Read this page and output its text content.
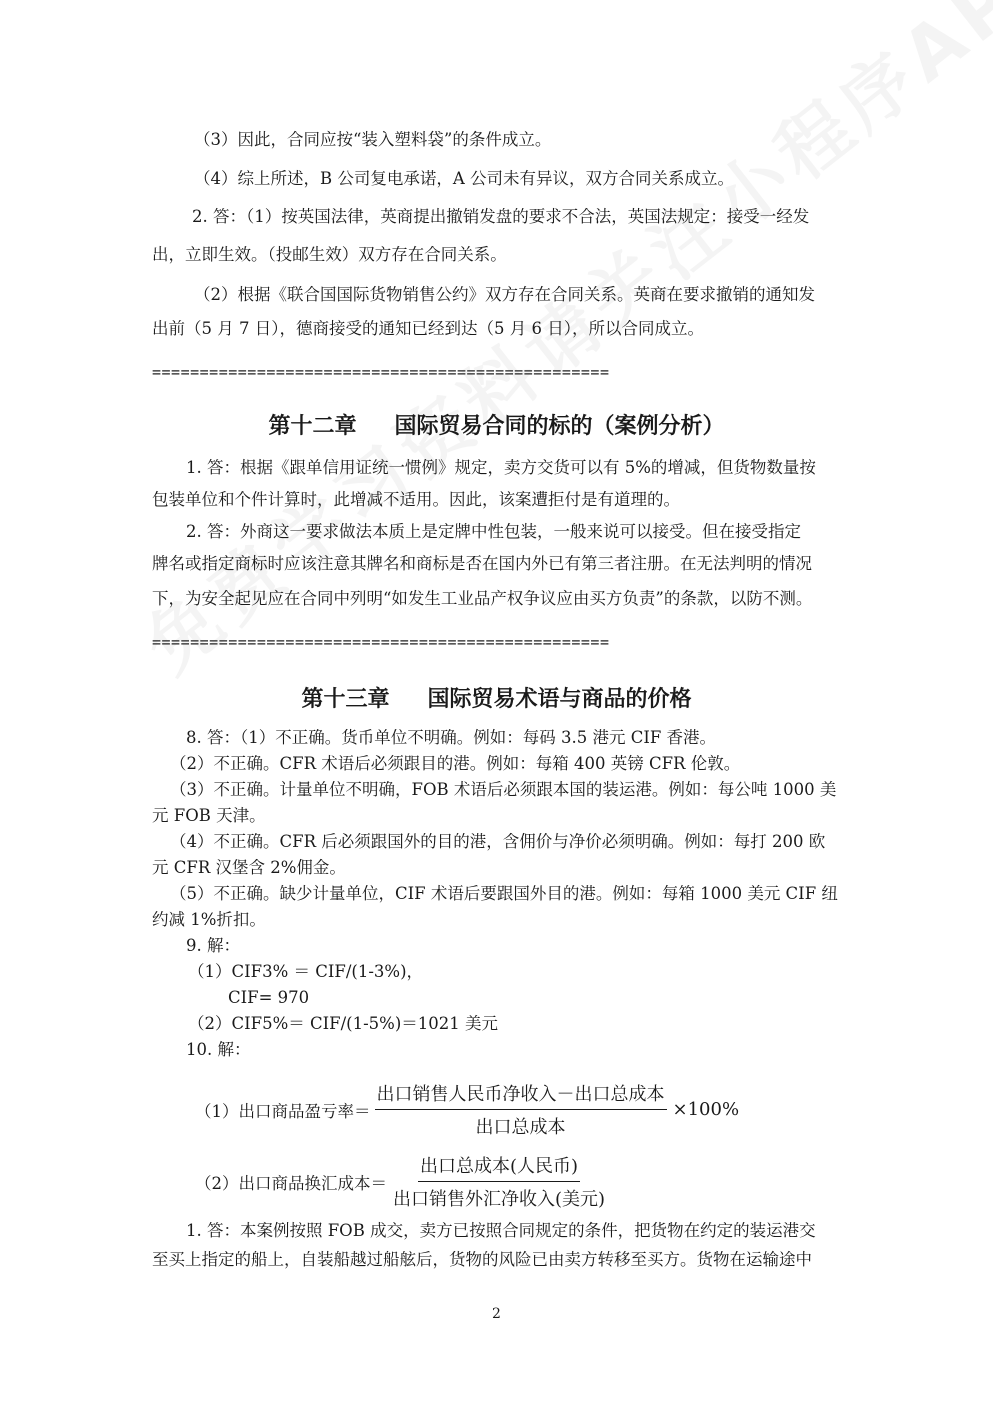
（3）因此，合同应按“装入塑料袋”的条件成立。
（4）综上所述，B 公司复电承诺，A 公司未有异议，双方合同关系成立。
2. 答：（1）按英国法律，英商提出撤销发盘的要求不合法，英国法规定：接受一经发
出，立即生效。（投邮生效）双方存在合同关系。
（2）根据《联合国国际货物销售公约》双方存在合同关系。英商在要求撤销的通知发
出前（5 月 7 日），德商接受的通知已经到达（5 月 6 日），所以合同成立。
================================================
第十二章 国际贸易合同的标的（案例分析）
1. 答：根据《跟单信用证统一惯例》规定，卖方交货可以有 5%的增减，但货物数量按
包装单位和个件计算时，此增减不适用。因此，该案遭拒付是有道理的。
2. 答：外商这一要求做法本质上是定牌中性包装，一般来说可以接受。但在接受指定
牌名或指定商标时应该注意其牌名和商标是否在国内外已有第三者注册。在无法判明的情况
下，为安全起见应在合同中列明“如发生工业品产权争议应由买方负责”的条款，以防不测。
================================================
第十三章 国际贸易术语与商品的价格
8. 答：（1）不正确。货币单位不明确。例如：每码 3.5 港元 CIF 香港。
（2）不正确。CFR 术语后必须跟目的港。例如：每箱 400 英镑 CFR 伦敦。
（3）不正确。计量单位不明确，FOB 术语后必须跟本国的装运港。例如：每公吨 1000 美
元 FOB 天津。
（4）不正确。CFR 后必须跟国外的目的港，含佣价与净价必须明确。例如：每打 200 欧
元 CFR 汉堡含 2%佣金。
（5）不正确。缺少计量单位，CIF 术语后要跟国外目的港。例如：每箱 1000 美元 CIF 纽
约减 1%折扣。
9. 解：
（1）CIF3% ＝ CIF/(1-3%)，
CIF= 970
（2）CIF5%＝ CIF/(1-5%)＝1021 美元
10. 解：
（1）出口商品盈亏率＝ $\frac{\text{出口销售人民币净收入－出口总成本}}{\text{出口总成本}} \times 100\%$
（2）出口商品换汇成本＝ $\frac{\text{出口总成本(人民币)}}{\text{出口销售外汇净收入(美元)}}$
1. 答：本案例按照 FOB 成交，卖方已按照合同规定的条件，把货物在约定的装运港交
至买上指定的船上，自装船越过船舷后，货物的风险已由卖方转移至买方。货物在运输途中
2
